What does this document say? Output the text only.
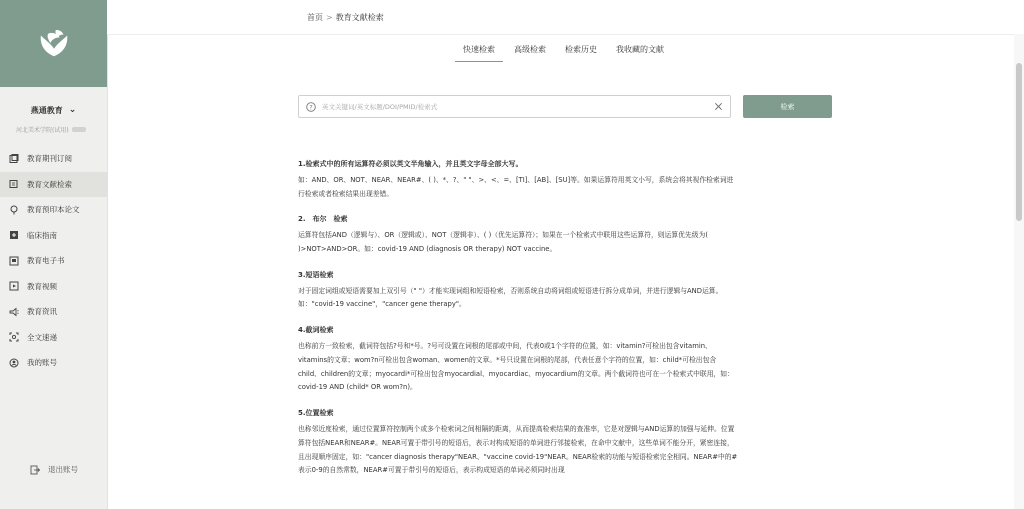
燕通教育 ⌄
河北美术学院(试用)
教育期刊订阅
教育文献检索
教育预印本论文
临床指南
教育电子书
教育视频
教育资讯
全文速递
我的账号
退出账号
首页 > 教育文献检索
快速检索	高级检索	检索历史	我收藏的文献
?
英文关键词/英文标题/DOI/PMID/检索式	检索

1.检索式中的所有运算符必须以英文半角输入，并且英文字母全部大写。

如：AND、OR、NOT、NEAR、NEAR#、( )、*、?、" "、>、<、=、[TI]、[AB]、[SU]等。如果运算符用英文小写，系统会将其视作检索词进行检索或者检索结果出现差错。

2.　布尔　检索

运算符包括AND（逻辑与）、OR（逻辑或）、NOT（逻辑非）、( )（优先运算符）；如果在一个检索式中联用这些运算符，则运算优先级为( )>NOT>AND>OR。如：covid-19 AND (diagnosis OR therapy) NOT vaccine。

3.短语检索

对于固定词组或短语需要加上双引号（" "）才能实现词组和短语检索，否则系统自动将词组或短语进行拆分成单词，并进行逻辑与AND运算。如："covid-19 vaccine"，"cancer gene therapy"。

4.截词检索

也称前方一致检索，截词符包括?号和*号。?号可设置在词根的尾部或中间，代表0或1个字符的位置，如：vitamin?可检出包含vitamin、vitamins的文章；wom?n可检出包含woman、women的文章。*号只设置在词根的尾部，代表任意个字符的位置，如：child*可检出包含child、children的文章；myocardi*可检出包含myocardial、myocardiac、myocardium的文章。两个截词符也可在一个检索式中联用，如：covid-19 AND (child* OR wom?n)。

5.位置检索

也称邻近度检索，通过位置算符控制两个或多个检索词之间相隔的距离，从而提高检索结果的查准率，它是对逻辑与AND运算的加强与延伸。位置算符包括NEAR和NEAR#。NEAR可置于带引号的短语后，表示对构成短语的单词进行邻接检索，在命中文献中，这些单词不能分开，紧密连接，且出现顺序固定，如："cancer diagnosis therapy"NEAR、"vaccine covid-19"NEAR。NEAR检索的功能与短语检索完全相同。NEAR#中的#表示0-9的自然常数，NEAR#可置于带引号的短语后，表示构成短语的单词必须同时出现
